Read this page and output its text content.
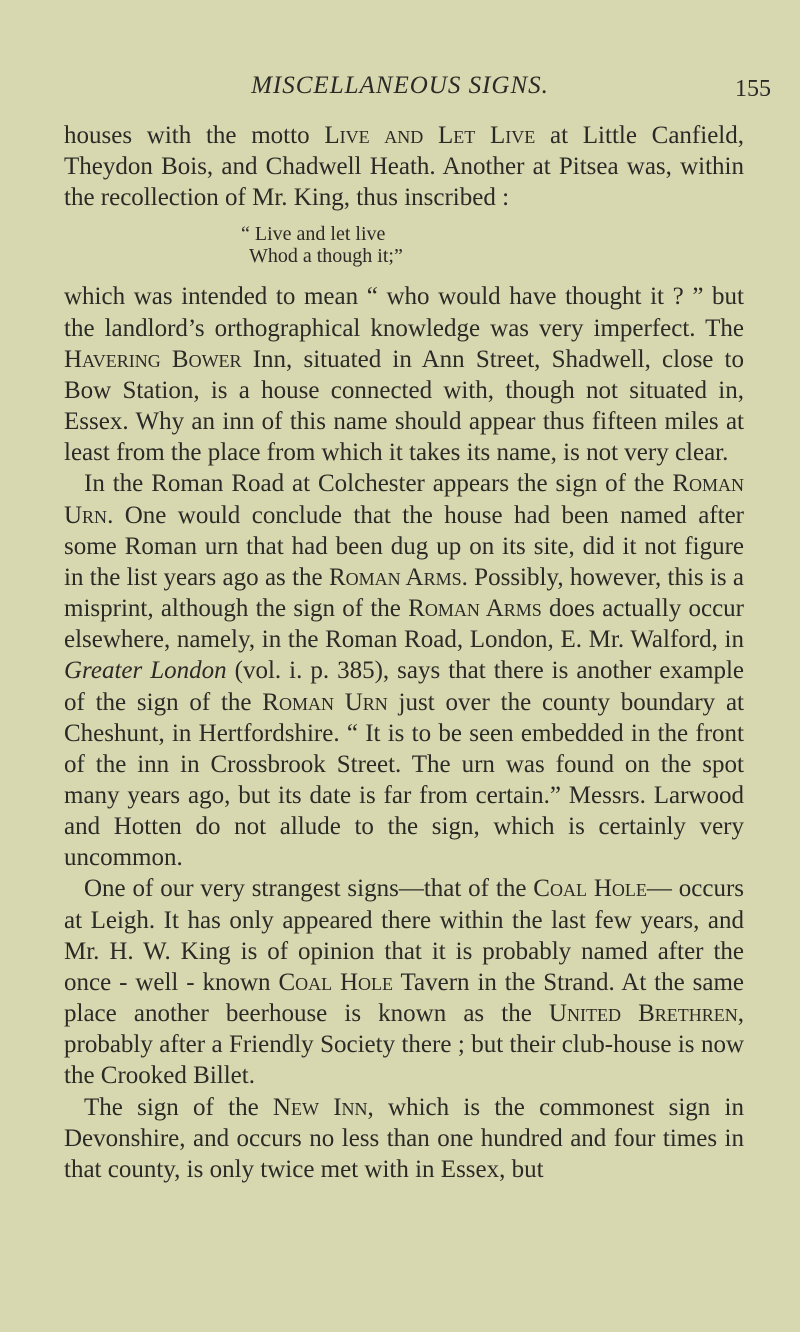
MISCELLANEOUS SIGNS.	155

houses with the motto Live and Let Live at Little Canfield, Theydon Bois, and Chadwell Heath. Another at Pitsea was, within the recollection of Mr. King, thus inscribed :

“ Live and let live
Whod a though it;”

which was intended to mean “ who would have thought it ? ” but the landlord’s orthographical knowledge was very imperfect. The Havering Bower Inn, situated in Ann Street, Shadwell, close to Bow Station, is a house connected with, though not situated in, Essex. Why an inn of this name should appear thus fifteen miles at least from the place from which it takes its name, is not very clear.

In the Roman Road at Colchester appears the sign of the Roman Urn. One would conclude that the house had been named after some Roman urn that had been dug up on its site, did it not figure in the list years ago as the Roman Arms. Possibly, however, this is a misprint, although the sign of the Roman Arms does actually occur elsewhere, namely, in the Roman Road, London, E. Mr. Walford, in Greater London (vol. i. p. 385), says that there is another example of the sign of the Roman Urn just over the county boundary at Cheshunt, in Hertfordshire. “ It is to be seen embedded in the front of the inn in Crossbrook Street. The urn was found on the spot many years ago, but its date is far from certain.” Messrs. Larwood and Hotten do not allude to the sign, which is certainly very uncommon.

One of our very strangest signs—that of the Coal Hole— occurs at Leigh. It has only appeared there within the last few years, and Mr. H. W. King is of opinion that it is probably named after the once - well - known Coal Hole Tavern in the Strand. At the same place another beerhouse is known as the United Brethren, probably after a Friendly Society there ; but their club-house is now the Crooked Billet.

The sign of the New Inn, which is the commonest sign in Devonshire, and occurs no less than one hundred and four times in that county, is only twice met with in Essex, but
